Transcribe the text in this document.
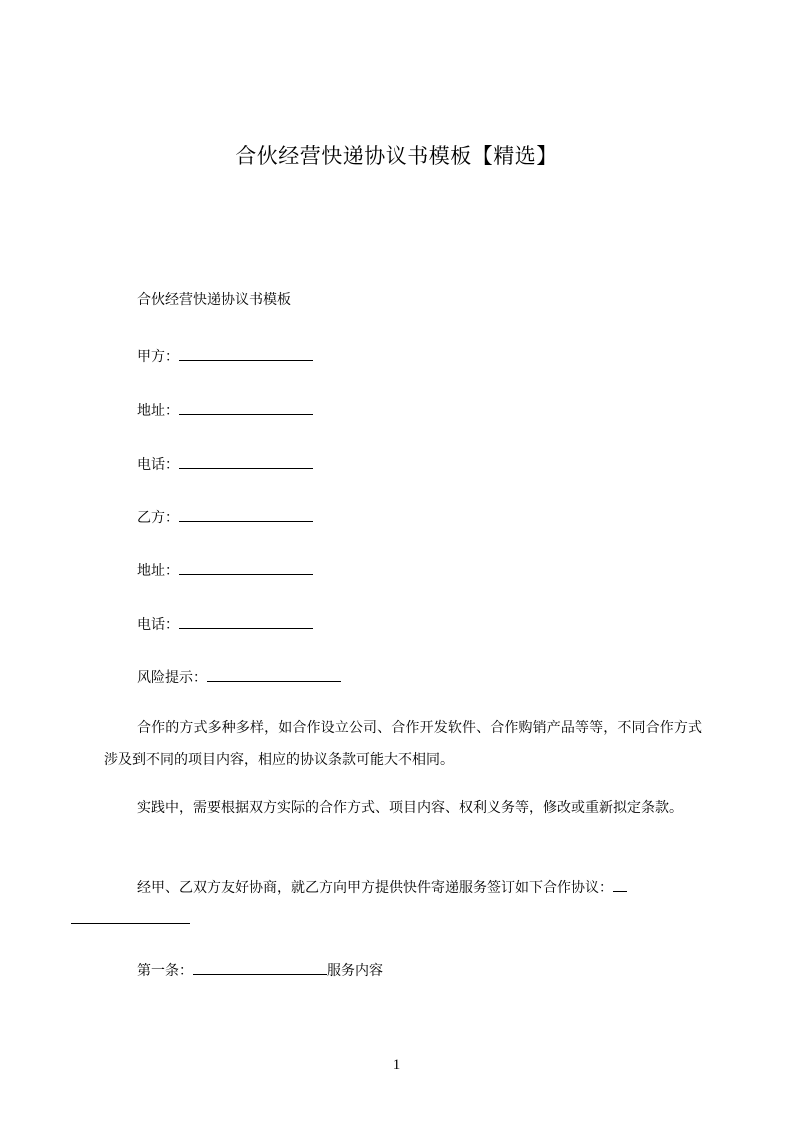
合伙经营快递协议书模板【精选】
合伙经营快递协议书模板
甲方：
地址：
电话：
乙方：
地址：
电话：
风险提示：
合作的方式多种多样，如合作设立公司、合作开发软件、合作购销产品等等，不同合作方式涉及到不同的项目内容，相应的协议条款可能大不相同。
实践中，需要根据双方实际的合作方式、项目内容、权利义务等，修改或重新拟定条款。
经甲、乙双方友好协商，就乙方向甲方提供快件寄递服务签订如下合作协议：

第一条：	服务内容
1
